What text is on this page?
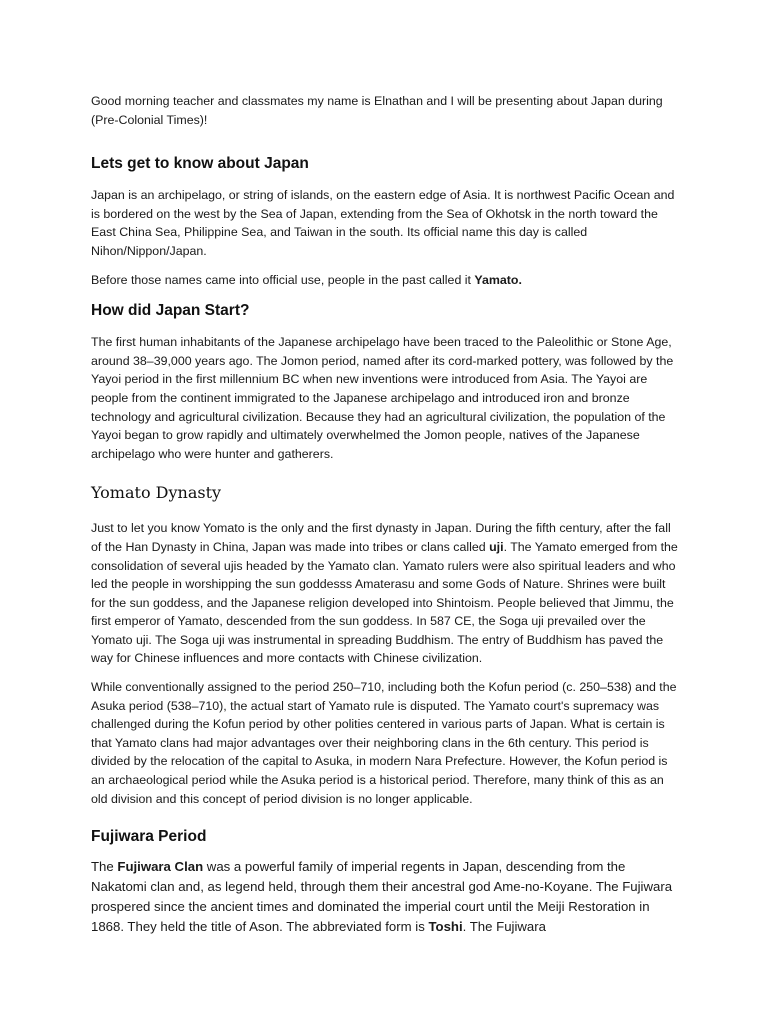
Good morning teacher and classmates my name is Elnathan and I will be presenting about Japan during (Pre-Colonial Times)!

Lets get to know about Japan

Japan is an archipelago, or string of islands, on the eastern edge of Asia. It is northwest Pacific Ocean and is bordered on the west by the Sea of Japan, extending from the Sea of Okhotsk in the north toward the East China Sea, Philippine Sea, and Taiwan in the south. Its official name this day is called Nihon/Nippon/Japan.

Before those names came into official use, people in the past called it Yamato.

How did Japan Start?

The first human inhabitants of the Japanese archipelago have been traced to the Paleolithic or Stone Age, around 38–39,000 years ago. The Jomon period, named after its cord-marked pottery, was followed by the Yayoi period in the first millennium BC when new inventions were introduced from Asia. The Yayoi are people from the continent immigrated to the Japanese archipelago and introduced iron and bronze technology and agricultural civilization. Because they had an agricultural civilization, the population of the Yayoi began to grow rapidly and ultimately overwhelmed the Jomon people, natives of the Japanese archipelago who were hunter and gatherers.

Yomato Dynasty

Just to let you know Yomato is the only and the first dynasty in Japan. During the fifth century, after the fall of the Han Dynasty in China, Japan was made into tribes or clans called uji. The Yamato emerged from the consolidation of several ujis headed by the Yamato clan. Yamato rulers were also spiritual leaders and who led the people in worshipping the sun goddesss Amaterasu and some Gods of Nature. Shrines were built for the sun goddess, and the Japanese religion developed into Shintoism. People believed that Jimmu, the first emperor of Yamato, descended from the sun goddess. In 587 CE, the Soga uji prevailed over the Yomato uji. The Soga uji was instrumental in spreading Buddhism. The entry of Buddhism has paved the way for Chinese influences and more contacts with Chinese civilization.

While conventionally assigned to the period 250–710, including both the Kofun period (c. 250–538) and the Asuka period (538–710), the actual start of Yamato rule is disputed. The Yamato court's supremacy was challenged during the Kofun period by other polities centered in various parts of Japan. What is certain is that Yamato clans had major advantages over their neighboring clans in the 6th century. This period is divided by the relocation of the capital to Asuka, in modern Nara Prefecture. However, the Kofun period is an archaeological period while the Asuka period is a historical period. Therefore, many think of this as an old division and this concept of period division is no longer applicable.

Fujiwara Period

The Fujiwara Clan was a powerful family of imperial regents in Japan, descending from the Nakatomi clan and, as legend held, through them their ancestral god Ame-no-Koyane. The Fujiwara prospered since the ancient times and dominated the imperial court until the Meiji Restoration in 1868. They held the title of Ason. The abbreviated form is Toshi. The Fujiwara
